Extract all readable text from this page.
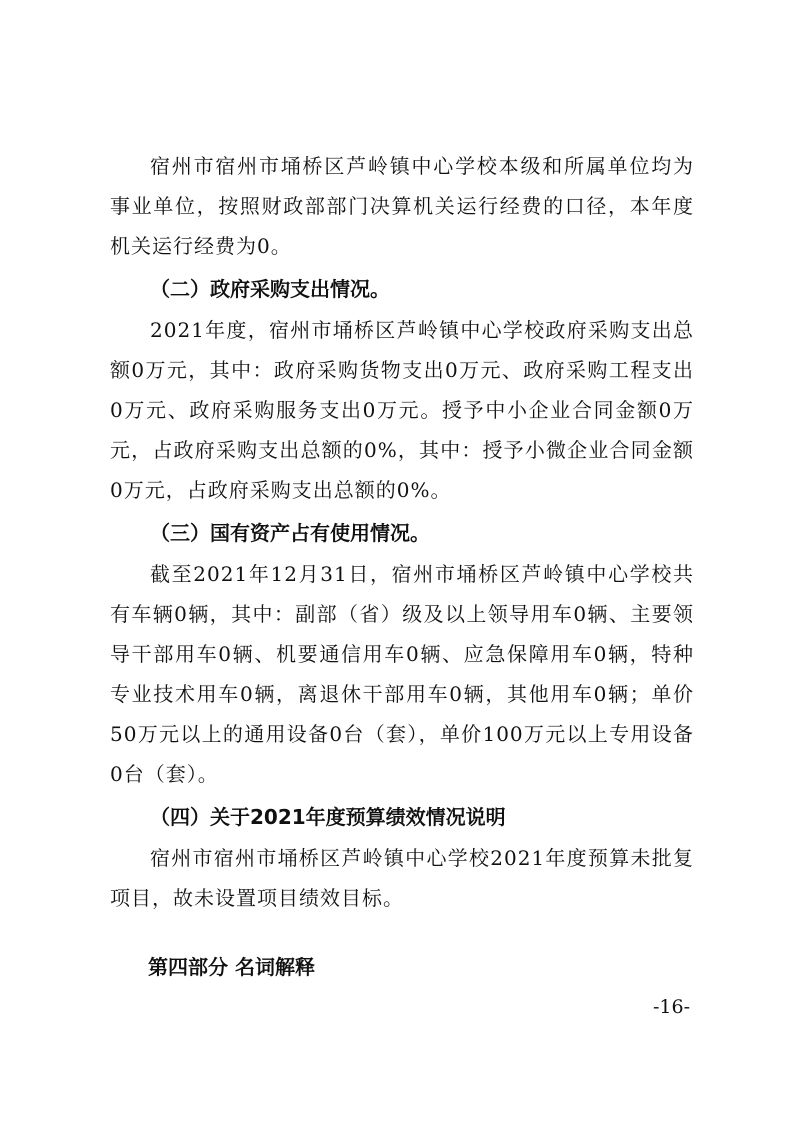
宿州市宿州市埇桥区芦岭镇中心学校本级和所属单位均为事业单位，按照财政部部门决算机关运行经费的口径，本年度机关运行经费为0。

（二）政府采购支出情况。

2021年度，宿州市埇桥区芦岭镇中心学校政府采购支出总额0万元，其中：政府采购货物支出0万元、政府采购工程支出0万元、政府采购服务支出0万元。授予中小企业合同金额0万元，占政府采购支出总额的0%，其中：授予小微企业合同金额0万元，占政府采购支出总额的0%。

（三）国有资产占有使用情况。

截至2021年12月31日，宿州市埇桥区芦岭镇中心学校共有车辆0辆，其中：副部（省）级及以上领导用车0辆、主要领导干部用车0辆、机要通信用车0辆、应急保障用车0辆，特种专业技术用车0辆，离退休干部用车0辆，其他用车0辆；单价50万元以上的通用设备0台（套），单价100万元以上专用设备0台（套）。

（四）关于2021年度预算绩效情况说明

宿州市宿州市埇桥区芦岭镇中心学校2021年度预算未批复项目，故未设置项目绩效目标。

第四部分 名词解释

-16-
